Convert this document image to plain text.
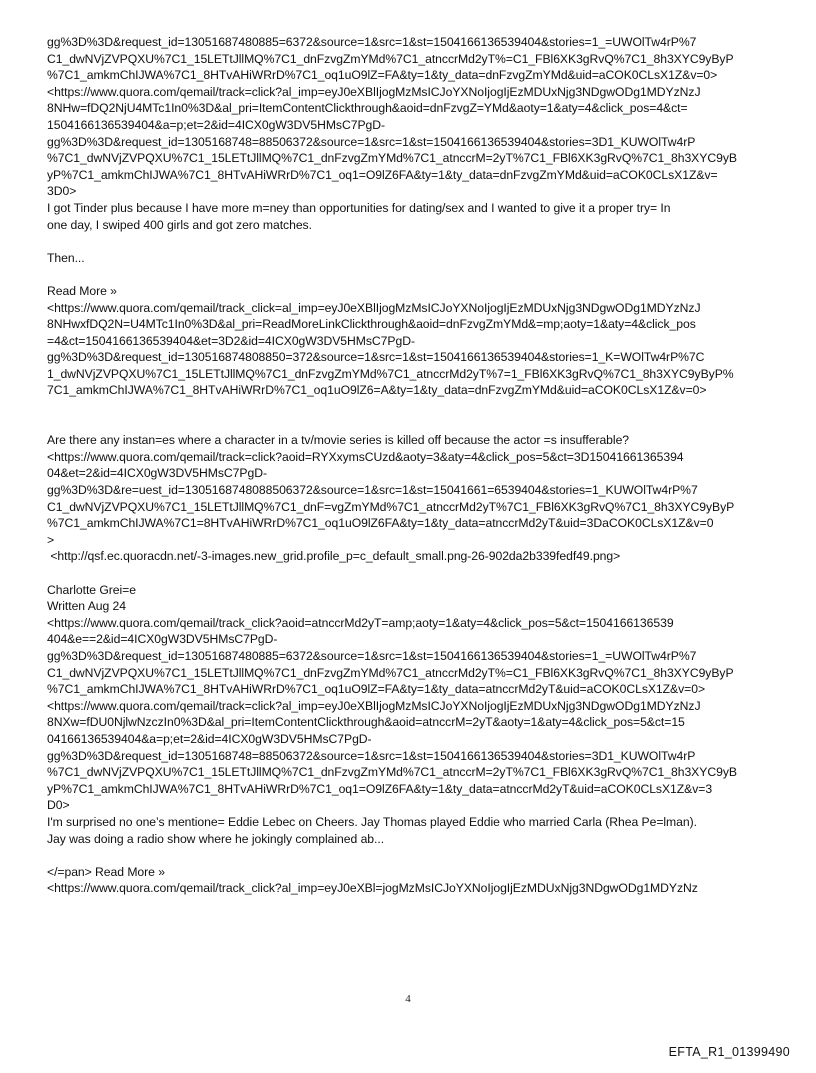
gg%3D%3D&request_id=13051687480885=6372&source=1&src=1&st=1504166136539404&stories=1_=UWOlTw4rP%7
C1_dwNVjZVPQXU%7C1_15LETtJllMQ%7C1_dnFzvgZmYMd%7C1_atnccrMd2yT%=C1_FBl6XK3gRvQ%7C1_8h3XYC9yByP
%7C1_amkmChIJWA%7C1_8HTvAHiWRrD%7C1_oq1uO9lZ=FA&ty=1&ty_data=dnFzvgZmYMd&uid=aCOK0CLsX1Z&v=0>
<https://www.quora.com/qemail/track=click?al_imp=eyJ0eXBlIjogMzMsICJoYXNoIjogIjEzMDUxNjg3NDgwODg1MDYzNzJ
8NHw=fDQ2NjU4MTc1In0%3D&al_pri=ItemContentClickthrough&aoid=dnFzvgZ=YMd&aoty=1&aty=4&click_pos=4&ct=
1504166136539404&a=p;et=2&id=4ICX0gW3DV5HMsC7PgD-
gg%3D%3D&request_id=1305168748=88506372&source=1&src=1&st=1504166136539404&stories=3D1_KUWOlTw4rP
%7C1_dwNVjZVPQXU%7C1_15LETtJllMQ%7C1_dnFzvgZmYMd%7C1_atnccrM=2yT%7C1_FBl6XK3gRvQ%7C1_8h3XYC9yB
yP%7C1_amkmChIJWA%7C1_8HTvAHiWRrD%7C1_oq1=O9lZ6FA&ty=1&ty_data=dnFzvgZmYMd&uid=aCOK0CLsX1Z&v=
3D0>
I got Tinder plus because I have more m=ney than opportunities for dating/sex and I wanted to give it a proper try= In
one day, I swiped 400 girls and got zero matches.
Then...
Read More »
<https://www.quora.com/qemail/track_click=al_imp=eyJ0eXBlIjogMzMsICJoYXNoIjogIjEzMDUxNjg3NDgwODg1MDYzNzJ
8NHwxfDQ2N=U4MTc1In0%3D&al_pri=ReadMoreLinkClickthrough&aoid=dnFzvgZmYMd&=mp;aoty=1&aty=4&click_pos
=4&ct=1504166136539404&et=3D2&id=4ICX0gW3DV5HMsC7PgD-
gg%3D%3D&request_id=130516874808850=372&source=1&src=1&st=1504166136539404&stories=1_K=WOlTw4rP%7C
1_dwNVjZVPQXU%7C1_15LETtJllMQ%7C1_dnFzvgZmYMd%7C1_atnccrMd2yT%7=1_FBl6XK3gRvQ%7C1_8h3XYC9yByP%
7C1_amkmChIJWA%7C1_8HTvAHiWRrD%7C1_oq1uO9lZ6=A&ty=1&ty_data=dnFzvgZmYMd&uid=aCOK0CLsX1Z&v=0>
Are there any instan=es where a character in a tv/movie series is killed off because the actor =s insufferable?
<https://www.quora.com/qemail/track=click?aoid=RYXxymsCUzd&aoty=3&aty=4&click_pos=5&ct=3D15041661365394
04&et=2&id=4ICX0gW3DV5HMsC7PgD-
gg%3D%3D&re=uest_id=1305168748088506372&source=1&src=1&st=15041661=6539404&stories=1_KUWOlTw4rP%7
C1_dwNVjZVPQXU%7C1_15LETtJllMQ%7C1_dnF=vgZmYMd%7C1_atnccrMd2yT%7C1_FBl6XK3gRvQ%7C1_8h3XYC9yByP
%7C1_amkmChIJWA%7C1=8HTvAHiWRrD%7C1_oq1uO9lZ6FA&ty=1&ty_data=atnccrMd2yT&uid=3DaCOK0CLsX1Z&v=0
>
<http://qsf.ec.quoracdn.net/-3-images.new_grid.profile_p=c_default_small.png-26-902da2b339fedf49.png>
Charlotte Grei=e
Written Aug 24
<https://www.quora.com/qemail/track_click?aoid=atnccrMd2yT=amp;aoty=1&aty=4&click_pos=5&ct=1504166136539
404&e==2&id=4ICX0gW3DV5HMsC7PgD-
gg%3D%3D&request_id=13051687480885=6372&source=1&src=1&st=1504166136539404&stories=1_=UWOlTw4rP%7
C1_dwNVjZVPQXU%7C1_15LETtJllMQ%7C1_dnFzvgZmYMd%7C1_atnccrMd2yT%=C1_FBl6XK3gRvQ%7C1_8h3XYC9yByP
%7C1_amkmChIJWA%7C1_8HTvAHiWRrD%7C1_oq1uO9lZ=FA&ty=1&ty_data=atnccrMd2yT&uid=aCOK0CLsX1Z&v=0>
<https://www.quora.com/qemail/track=click?al_imp=eyJ0eXBlIjogMzMsICJoYXNoIjogIjEzMDUxNjg3NDgwODg1MDYzNzJ
8NXw=fDU0NjlwNzczIn0%3D&al_pri=ItemContentClickthrough&aoid=atnccrM=2yT&aoty=1&aty=4&click_pos=5&ct=15
04166136539404&a=p;et=2&id=4ICX0gW3DV5HMsC7PgD-
gg%3D%3D&request_id=1305168748=88506372&source=1&src=1&st=1504166136539404&stories=3D1_KUWOlTw4rP
%7C1_dwNVjZVPQXU%7C1_15LETtJllMQ%7C1_dnFzvgZmYMd%7C1_atnccrM=2yT%7C1_FBl6XK3gRvQ%7C1_8h3XYC9yB
yP%7C1_amkmChIJWA%7C1_8HTvAHiWRrD%7C1_oq1=O9lZ6FA&ty=1&ty_data=atnccrMd2yT&uid=aCOK0CLsX1Z&v=3
D0>
I'm surprised no one’s mentione= Eddie Lebec on Cheers. Jay Thomas played Eddie who married Carla (Rhea Pe=lman).
Jay was doing a radio show where he jokingly complained ab...
</=pan> Read More »
<https://www.quora.com/qemail/track_click?al_imp=eyJ0eXBl=jogMzMsICJoYXNoIjogIjEzMDUxNjg3NDgwODg1MDYzNz
4
EFTA_R1_01399490
